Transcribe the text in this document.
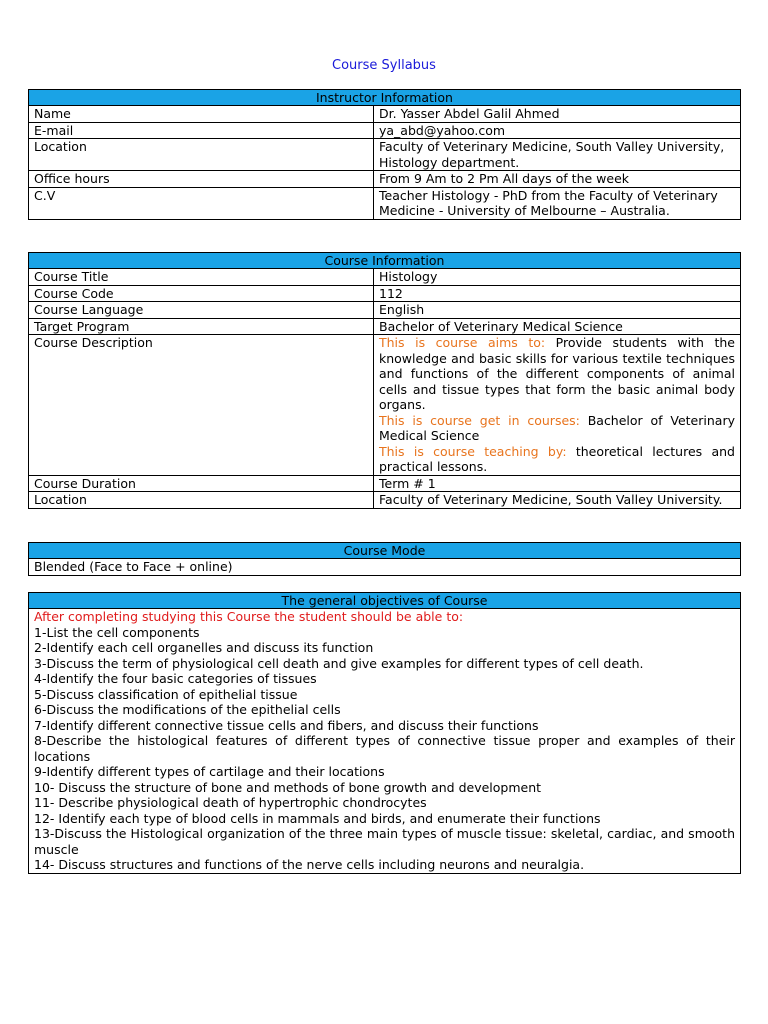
Course Syllabus
Instructor Information	
Name	Dr. Yasser Abdel Galil Ahmed
E-mail	ya_abd@yahoo.com
Location	Faculty of Veterinary Medicine, South Valley University, Histology department.
Office hours	From 9 Am to 2 Pm All days of the week
C.V	Teacher Histology - PhD from the Faculty of Veterinary Medicine - University of Melbourne – Australia.
Course Information	
Course Title	Histology
Course Code	112
Course Language	English
Target Program	Bachelor of Veterinary Medical Science
Course Description	This is course aims to: Provide students with the knowledge and basic skills for various textile techniques and functions of the different components of animal cells and tissue types that form the basic animal body organs.
This is course get in courses: Bachelor of Veterinary Medical Science
This is course teaching by: theoretical lectures and practical lessons.
Course Duration	Term # 1
Location	Faculty of Veterinary Medicine, South Valley University.
Course Mode
Blended (Face to Face + online)
The general objectives of Course

After completing studying this Course the student should be able to:
1-List the cell components
2-Identify each cell organelles and discuss its function
3-Discuss the term of physiological cell death and give examples for different types of cell death.
4-Identify the four basic categories of tissues
5-Discuss classification of epithelial tissue
6-Discuss the modifications of the epithelial cells
7-Identify different connective tissue cells and fibers, and discuss their functions
8-Describe the histological features of different types of connective tissue proper and examples of their locations
9-Identify different types of cartilage and their locations
10- Discuss the structure of bone and methods of bone growth and development
11- Describe physiological death of hypertrophic chondrocytes
12- Identify each type of blood cells in mammals and birds, and enumerate their functions
13-Discuss the Histological organization of the three main types of muscle tissue: skeletal, cardiac, and smooth muscle
14- Discuss structures and functions of the nerve cells including neurons and neuralgia.
